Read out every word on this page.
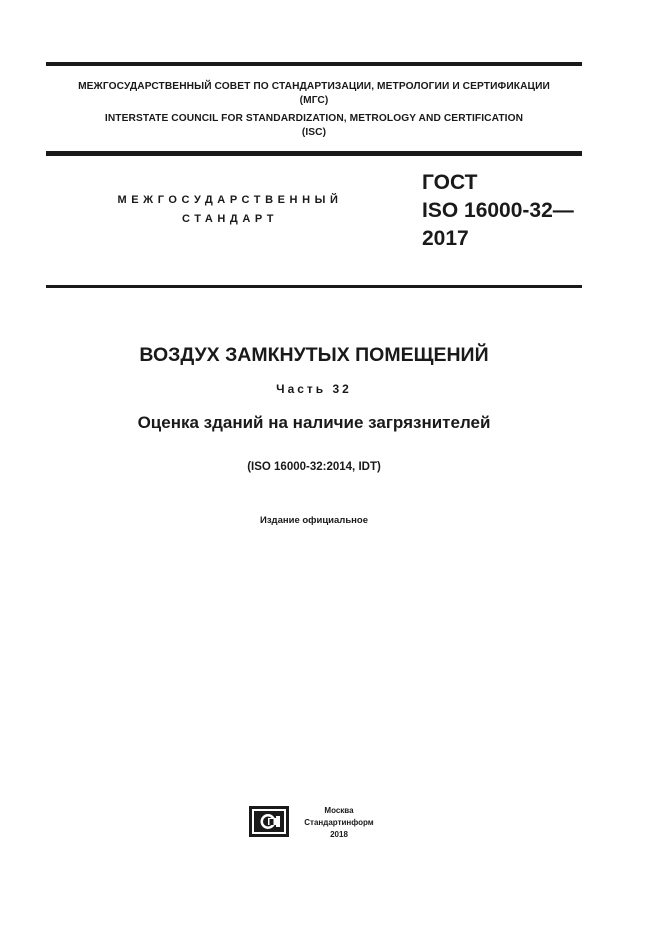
МЕЖГОСУДАРСТВЕННЫЙ СОВЕТ ПО СТАНДАРТИЗАЦИИ, МЕТРОЛОГИИ И СЕРТИФИКАЦИИ
(МГС)
INTERSTATE COUNCIL FOR STANDARDIZATION, METROLOGY AND CERTIFICATION
(ISC)
МЕЖГОСУДАРСТВЕННЫЙ
СТАНДАРТ
ГОСТ
ISO 16000-32—
2017
ВОЗДУХ ЗАМКНУТЫХ ПОМЕЩЕНИЙ
Часть 32
Оценка зданий на наличие загрязнителей
(ISO 16000-32:2014, IDT)
Издание официальное
Москва
Стандартинформ
2018
